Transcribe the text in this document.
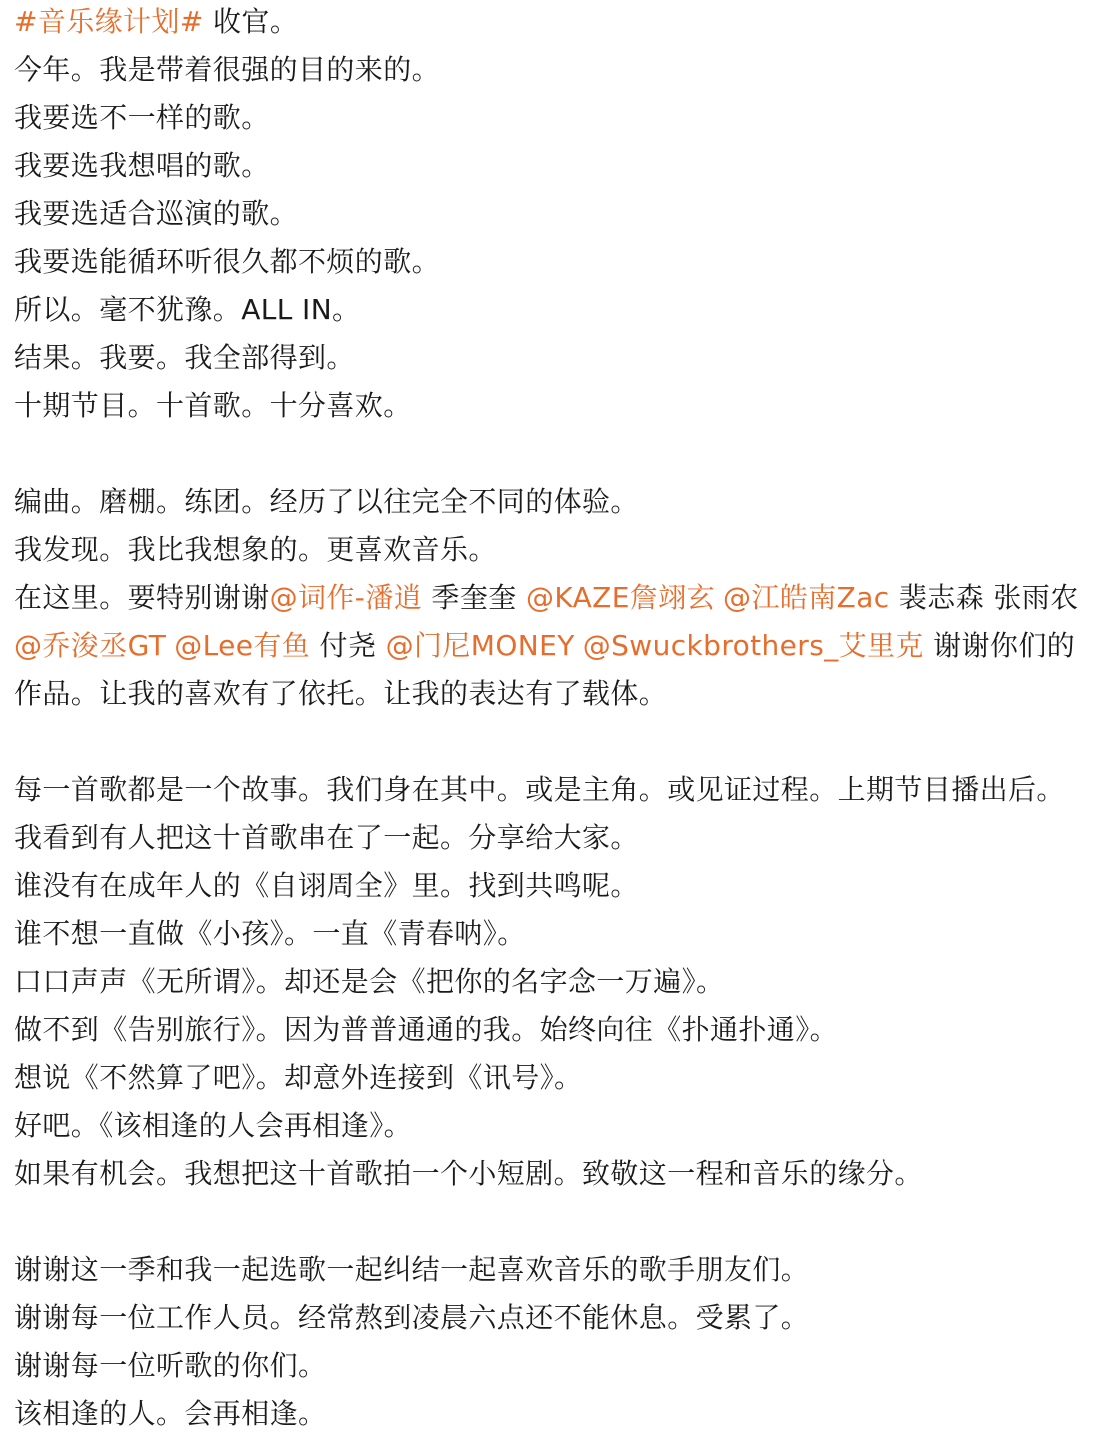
#音乐缘计划# 收官。
今年。我是带着很强的目的来的。
我要选不一样的歌。
我要选我想唱的歌。
我要选适合巡演的歌。
我要选能循环听很久都不烦的歌。
所以。毫不犹豫。ALL IN。
结果。我要。我全部得到。
十期节目。十首歌。十分喜欢。
编曲。磨棚。练团。经历了以往完全不同的体验。
我发现。我比我想象的。更喜欢音乐。
在这里。要特别谢谢@词作-潘逍 季奎奎 @KAZE詹翊玄 @江皓南Zac 裴志森 张雨农
@乔浚丞GT @Lee有鱼 付尧 @门尼MONEY @Swuckbrothers_艾里克 谢谢你们的
作品。让我的喜欢有了依托。让我的表达有了载体。
每一首歌都是一个故事。我们身在其中。或是主角。或见证过程。上期节目播出后。
我看到有人把这十首歌串在了一起。分享给大家。
谁没有在成年人的《自诩周全》里。找到共鸣呢。
谁不想一直做《小孩》。一直《青春呐》。
口口声声《无所谓》。却还是会《把你的名字念一万遍》。
做不到《告别旅行》。因为普普通通的我。始终向往《扑通扑通》。
想说《不然算了吧》。却意外连接到《讯号》。
好吧。《该相逢的人会再相逢》。
如果有机会。我想把这十首歌拍一个小短剧。致敬这一程和音乐的缘分。
谢谢这一季和我一起选歌一起纠结一起喜欢音乐的歌手朋友们。
谢谢每一位工作人员。经常熬到凌晨六点还不能休息。受累了。
谢谢每一位听歌的你们。
该相逢的人。会再相逢。
